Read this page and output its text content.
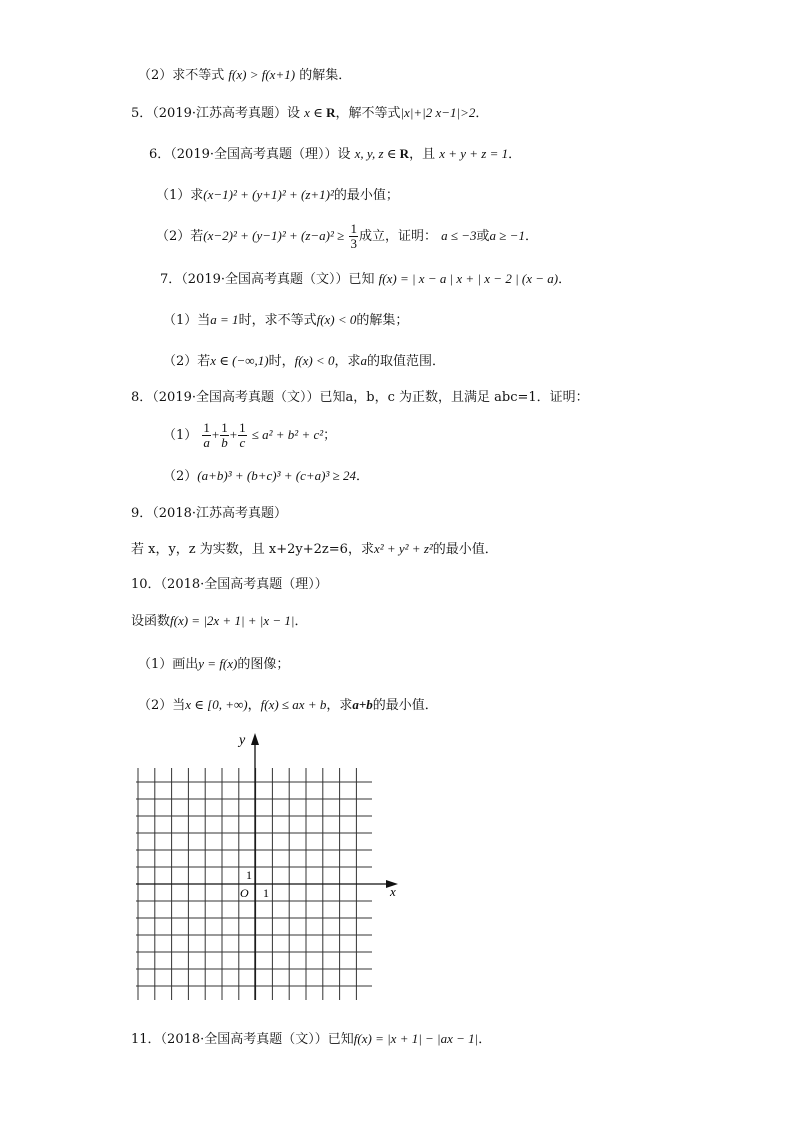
（2）求不等式 f(x) > f(x+1) 的解集．
5．（2019·江苏高考真题）设 x ∈ R，解不等式|x|+|2 x−1|>2．
6．（2019·全国高考真题（理））设 x, y, z ∈ R，且 x + y + z = 1．
（1）求(x−1)² + (y+1)² + (z+1)²的最小值；
（2）若$(x-2)^2 + (y-1)^2 + (z-a)^2 \ge \frac{1}{3}$ 成立，证明： a ≤ −3或a ≥ −1．
7．（2019·全国高考真题（文））已知 f(x) = | x − a | x + | x − 2 | (x − a)．
（1）当a = 1时，求不等式f(x) < 0的解集；
（2）若x ∈ (−∞,1)时，f(x) < 0，求a的取值范围．
8．（2019·全国高考真题（文））已知a，b，c 为正数，且满足 abc=1．证明：
$(1) \frac{1}{a} + \frac{1}{b} + \frac{1}{c} \le a^2 + b^2 + c^2$；
（2）(a+b)³ + (b+c)³ + (c+a)³ ≥ 24．
9．（2018·江苏高考真题）
若 x，y，z 为实数，且 x+2y+2z=6，求x² + y² + z²的最小值．
10．（2018·全国高考真题（理））
设函数f(x) = |2x + 1| + |x − 1|．
（1）画出y = f(x)的图像；
（2）当x ∈ [0, +∞)，f(x) ≤ ax + b，求a+b的最小值．
y
x
O 1
1
11．（2018·全国高考真题（文））已知f(x) = |x + 1| − |ax − 1|．
